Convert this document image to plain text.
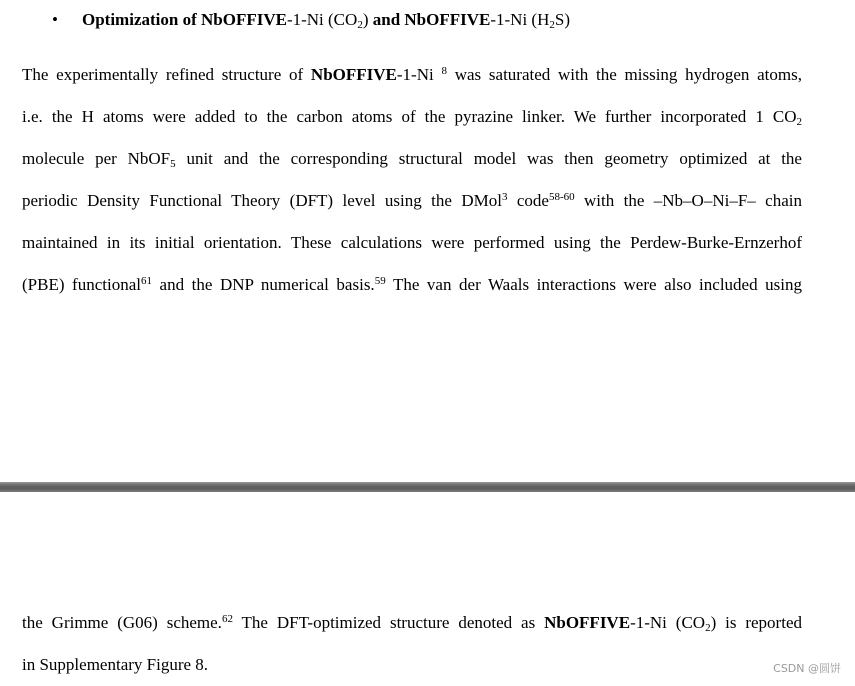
• Optimization of NbOFFIVE-1-Ni $(CO_2)$ and NbOFFIVE-1-Ni $(H_2S)$
The experimentally refined structure of NbOFFIVE-1-Ni $^8$ was saturated with the missing hydrogen atoms,
i.e. the H atoms were added to the carbon atoms of the pyrazine linker. We further incorporated 1 $CO_2$
molecule per NbOF$_5$ unit and the corresponding structural model was then geometry optimized at the
periodic Density Functional Theory (DFT) level using the DMol$^3$ code$^{58-60}$ with the –Nb–O–Ni–F– chain
maintained in its initial orientation. These calculations were performed using the Perdew-Burke-Ernzerhof
(PBE) functional$^{61}$ and the DNP numerical basis.$^{59}$ The van der Waals interactions were also included using
the Grimme (G06) scheme.$^{62}$ The DFT-optimized structure denoted as NbOFFIVE-1-Ni $(CO_2)$ is reported
in Supplementary Figure 8.	CSDN @圆饼
